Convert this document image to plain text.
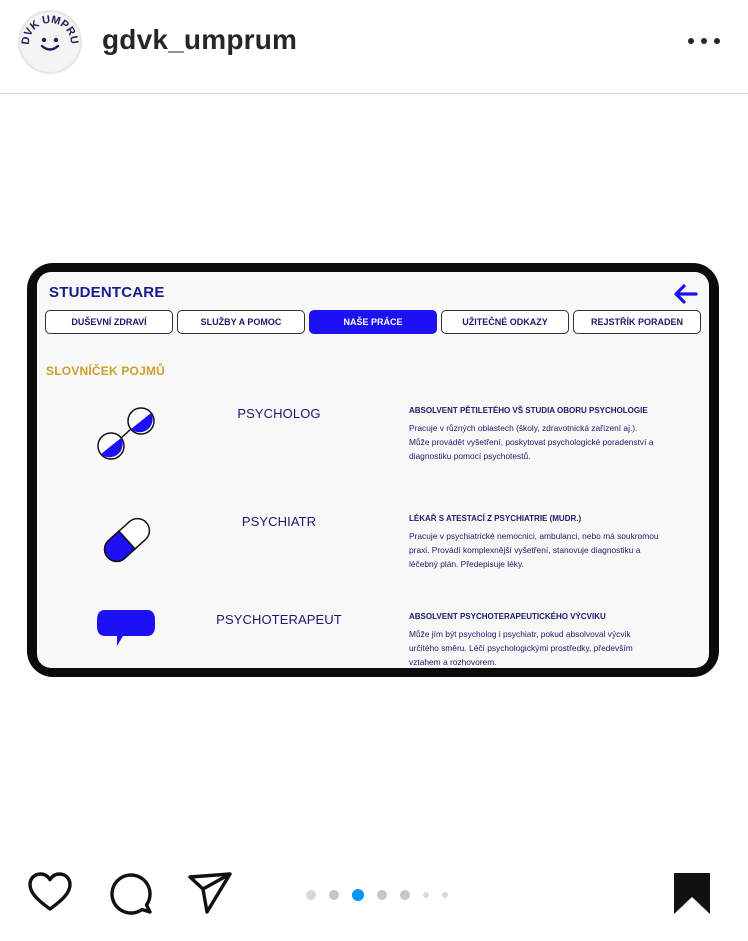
DVK UMPRU gdvk_umprum
STUDENTCARE
DUŠEVNÍ ZDRAVÍ	SLUŽBY A POMOC	NAŠE PRÁCE	UŽITEČNÉ ODKAZY	REJSTŘÍK PORADEN
SLOVNÍČEK POJMŮ
PSYCHOLOG	ABSOLVENT PĚTILETÉHO VŠ STUDIA OBORU PSYCHOLOGIE
Pracuje v různých oblastech (školy, zdravotnická zařízení aj.). Může provádět vyšetření, poskytovat psychologické poradenství a diagnostiku pomocí psychotestů.
PSYCHIATR	LÉKAŘ S ATESTACÍ Z PSYCHIATRIE (MUDR.)
Pracuje v psychiatrické nemocnici, ambulanci, nebo má soukromou praxi. Provádí komplexnější vyšetření, stanovuje diagnostiku a léčebný plán. Předepisuje léky.
PSYCHOTERAPEUT	ABSOLVENT PSYCHOTERAPEUTICKÉHO VÝCVIKU
Může jím být psycholog i psychiatr, pokud absolvoval výcvik určitého směru. Léčí psychologickými prostředky, především vztahem a rozhovorem.
